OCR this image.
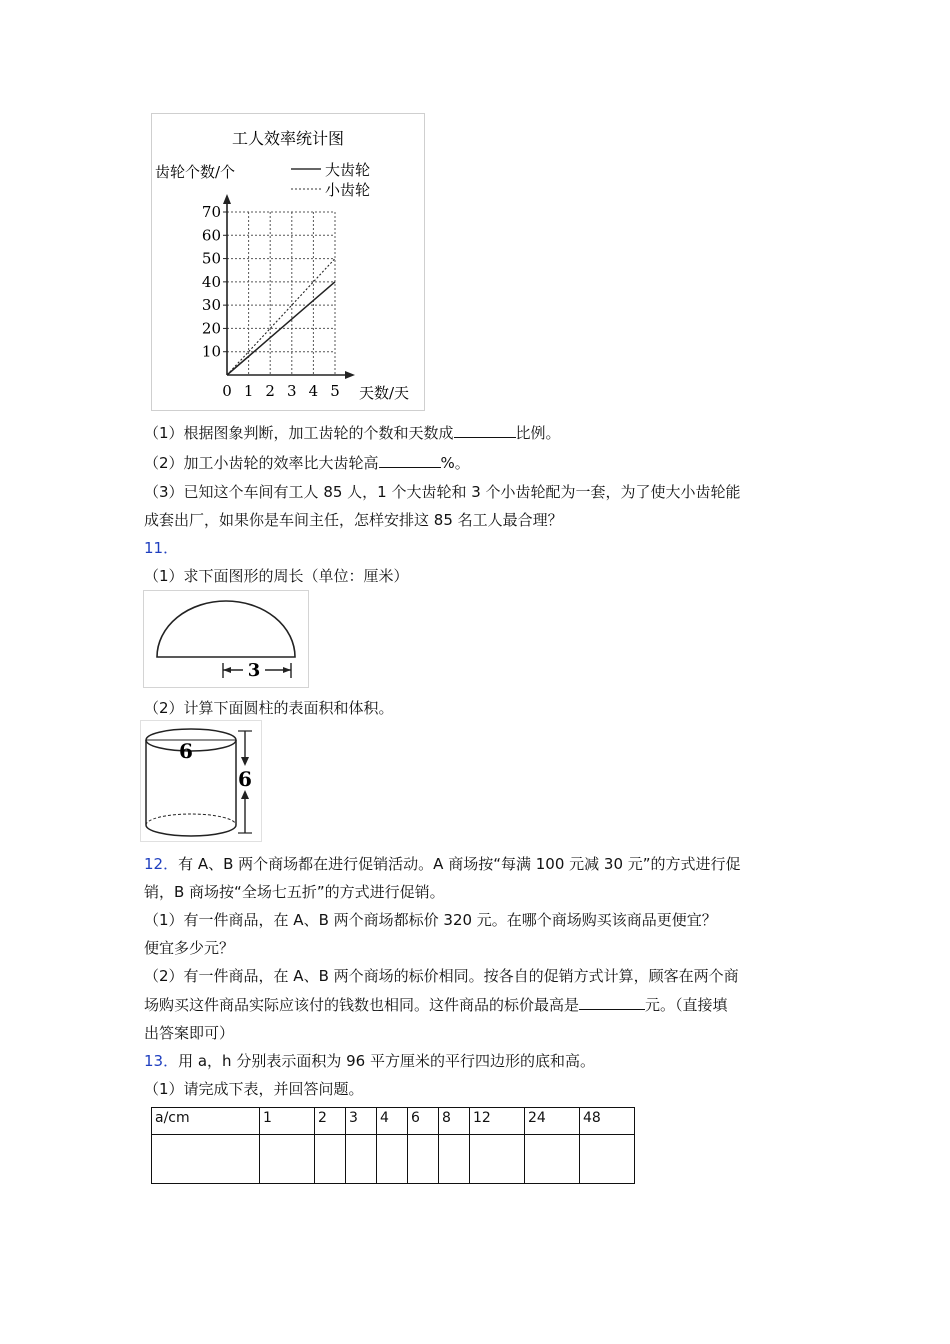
工人效率统计图
齿轮个数/个	大齿轮
小齿轮
10
20
30
40
50
60
70
0 1 2 3 4 5 天数/天
（1）根据图象判断，加工齿轮的个数和天数成	比例。
（2）加工小齿轮的效率比大齿轮高	%。
（3）已知这个车间有工人 85 人，1 个大齿轮和 3 个小齿轮配为一套，为了使大小齿轮能
成套出厂，如果你是车间主任，怎样安排这 85 名工人最合理？
11．
（1）求下面图形的周长（单位：厘米）
3
（2）计算下面圆柱的表面积和体积。
6
6
12．有 A、B 两个商场都在进行促销活动。A 商场按“每满 100 元减 30 元”的方式进行促
销，B 商场按“全场七五折”的方式进行促销。
（1）有一件商品，在 A、B 两个商场都标价 320 元。在哪个商场购买该商品更便宜？
便宜多少元？
（2）有一件商品，在 A、B 两个商场的标价相同。按各自的促销方式计算，顾客在两个商
场购买这件商品实际应该付的钱数也相同。这件商品的标价最高是	元。（直接填
出答案即可）
13．用 a，h 分别表示面积为 96 平方厘米的平行四边形的底和高。
（1）请完成下表，并回答问题。
a/cm	1	2	3	4	6	8	12	24	48
